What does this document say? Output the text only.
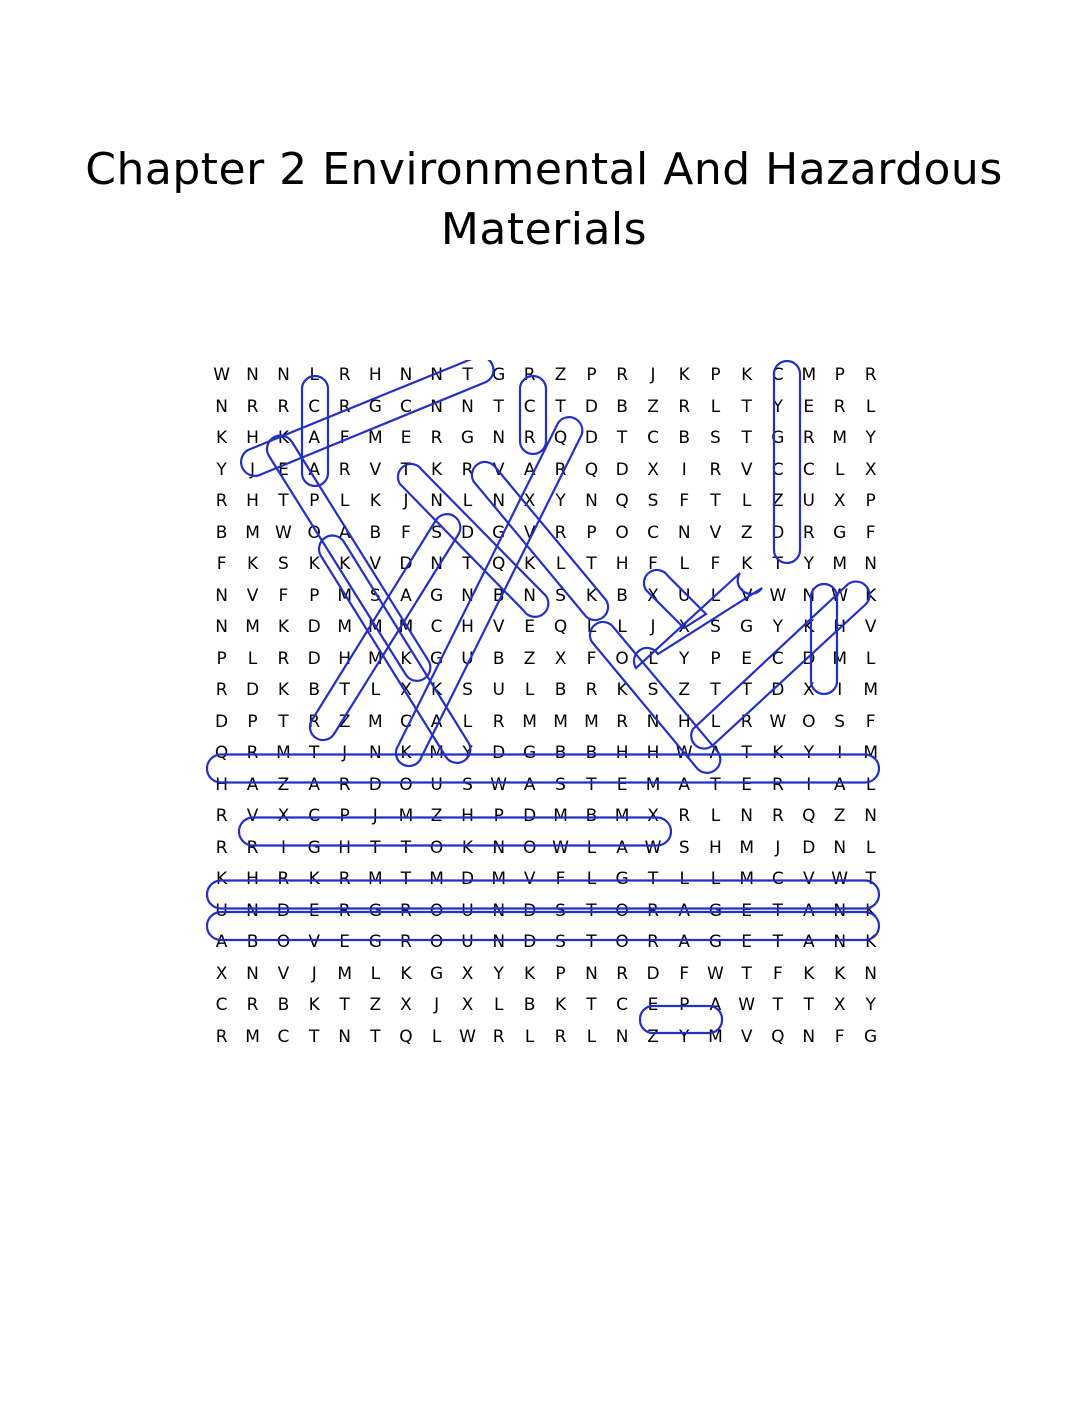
Chapter 2 Environmental And Hazardous Materials
W	N	N	L	R	H	N	N	T	G	R	Z	P	R	J	K	P	K	C	M	P	R
N	R	R	C	R	G	C	N	N	T	C	T	D	B	Z	R	L	T	Y	E	R	L
K	H	K	A	F	M	E	R	G	N	R	Q	D	T	C	B	S	T	G	R	M	Y
Y	J	E	A	R	V	T	K	R	V	A	R	Q	D	X	I	R	V	C	C	L	X
R	H	T	P	L	K	J	N	L	N	X	Y	N	Q	S	F	T	L	Z	U	X	P
B	M	W	O	A	B	F	S	D	G	V	R	P	O	C	N	V	Z	D	R	G	F
F	K	S	K	K	V	D	N	T	Q	K	L	T	H	F	L	F	K	T	Y	M	N
N	V	F	P	M	S	A	G	N	B	N	S	K	B	X	U	L	V	W	N	W	K
N	M	K	D	M	M	M	C	H	V	E	Q	L	L	J	X	S	G	Y	K	H	V
P	L	R	D	H	M	K	G	U	B	Z	X	F	O	L	Y	P	E	C	D	M	L
R	D	K	B	T	L	X	K	S	U	L	B	R	K	S	Z	T	T	D	X	I	M
D	P	T	R	Z	M	C	A	L	R	M	M	M	R	N	H	L	R	W	O	S	F
Q	R	M	T	J	N	K	M	Y	D	G	B	B	H	H	W	A	T	K	Y	I	M
H	A	Z	A	R	D	O	U	S	W	A	S	T	E	M	A	T	E	R	I	A	L
R	V	X	C	P	J	M	Z	H	P	D	M	B	M	X	R	L	N	R	Q	Z	N
R	R	I	G	H	T	T	O	K	N	O	W	L	A	W	S	H	M	J	D	N	L
K	H	R	K	R	M	T	M	D	M	V	F	L	G	T	L	L	M	C	V	W	T
U	N	D	E	R	G	R	O	U	N	D	S	T	O	R	A	G	E	T	A	N	K
A	B	O	V	E	G	R	O	U	N	D	S	T	O	R	A	G	E	T	A	N	K
X	N	V	J	M	L	K	G	X	Y	K	P	N	R	D	F	W	T	F	K	K	N
C	R	B	K	T	Z	X	J	X	L	B	K	T	C	E	P	A	W	T	T	X	Y
R	M	C	T	N	T	Q	L	W	R	L	R	L	N	Z	Y	M	V	Q	N	F	G
